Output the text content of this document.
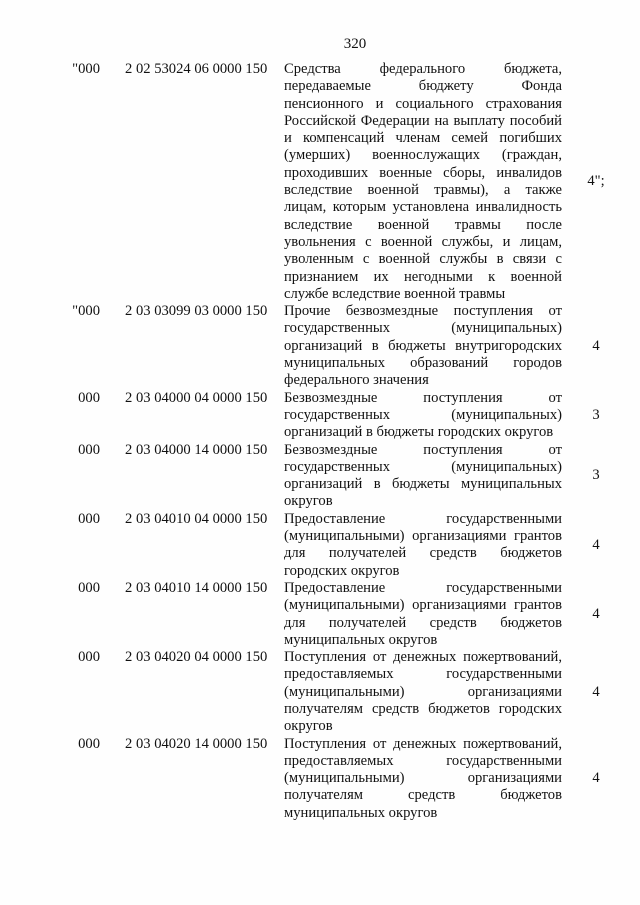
320
"000 2 02 53024 06 0000 150	Средства федерального бюджета,
передаваемые бюджету Фонда
пенсионного и социального страхования
Российской Федерации на выплату пособий
и компенсаций членам семей погибших
(умерших) военнослужащих (граждан,
проходивших военные сборы, инвалидов
вследствие военной травмы), а также
лицам, которым установлена инвалидность
вследствие военной травмы после
увольнения с военной службы, и лицам,
уволенным с военной службы в связи с
признанием их негодными к военной
службе вследствие военной травмы
4";
"000 2 03 03099 03 0000 150	Прочие безвозмездные поступления от
государственных (муниципальных)
организаций в бюджеты внутригородских
муниципальных образований городов
федерального значения
4
000 2 03 04000 04 0000 150	Безвозмездные поступления от
государственных (муниципальных)
организаций в бюджеты городских округов
3
000 2 03 04000 14 0000 150	Безвозмездные поступления от
государственных (муниципальных)
организаций в бюджеты муниципальных
округов
3
000 2 03 04010 04 0000 150	Предоставление государственными
(муниципальными) организациями грантов
для получателей средств бюджетов
городских округов
4
000 2 03 04010 14 0000 150	Предоставление государственными
(муниципальными) организациями грантов
для получателей средств бюджетов
муниципальных округов
4
000 2 03 04020 04 0000 150	Поступления от денежных пожертвований,
предоставляемых государственными
(муниципальными) организациями
получателям средств бюджетов городских
округов
4
000 2 03 04020 14 0000 150	Поступления от денежных пожертвований,
предоставляемых государственными
(муниципальными) организациями
получателям средств бюджетов
муниципальных округов
4
